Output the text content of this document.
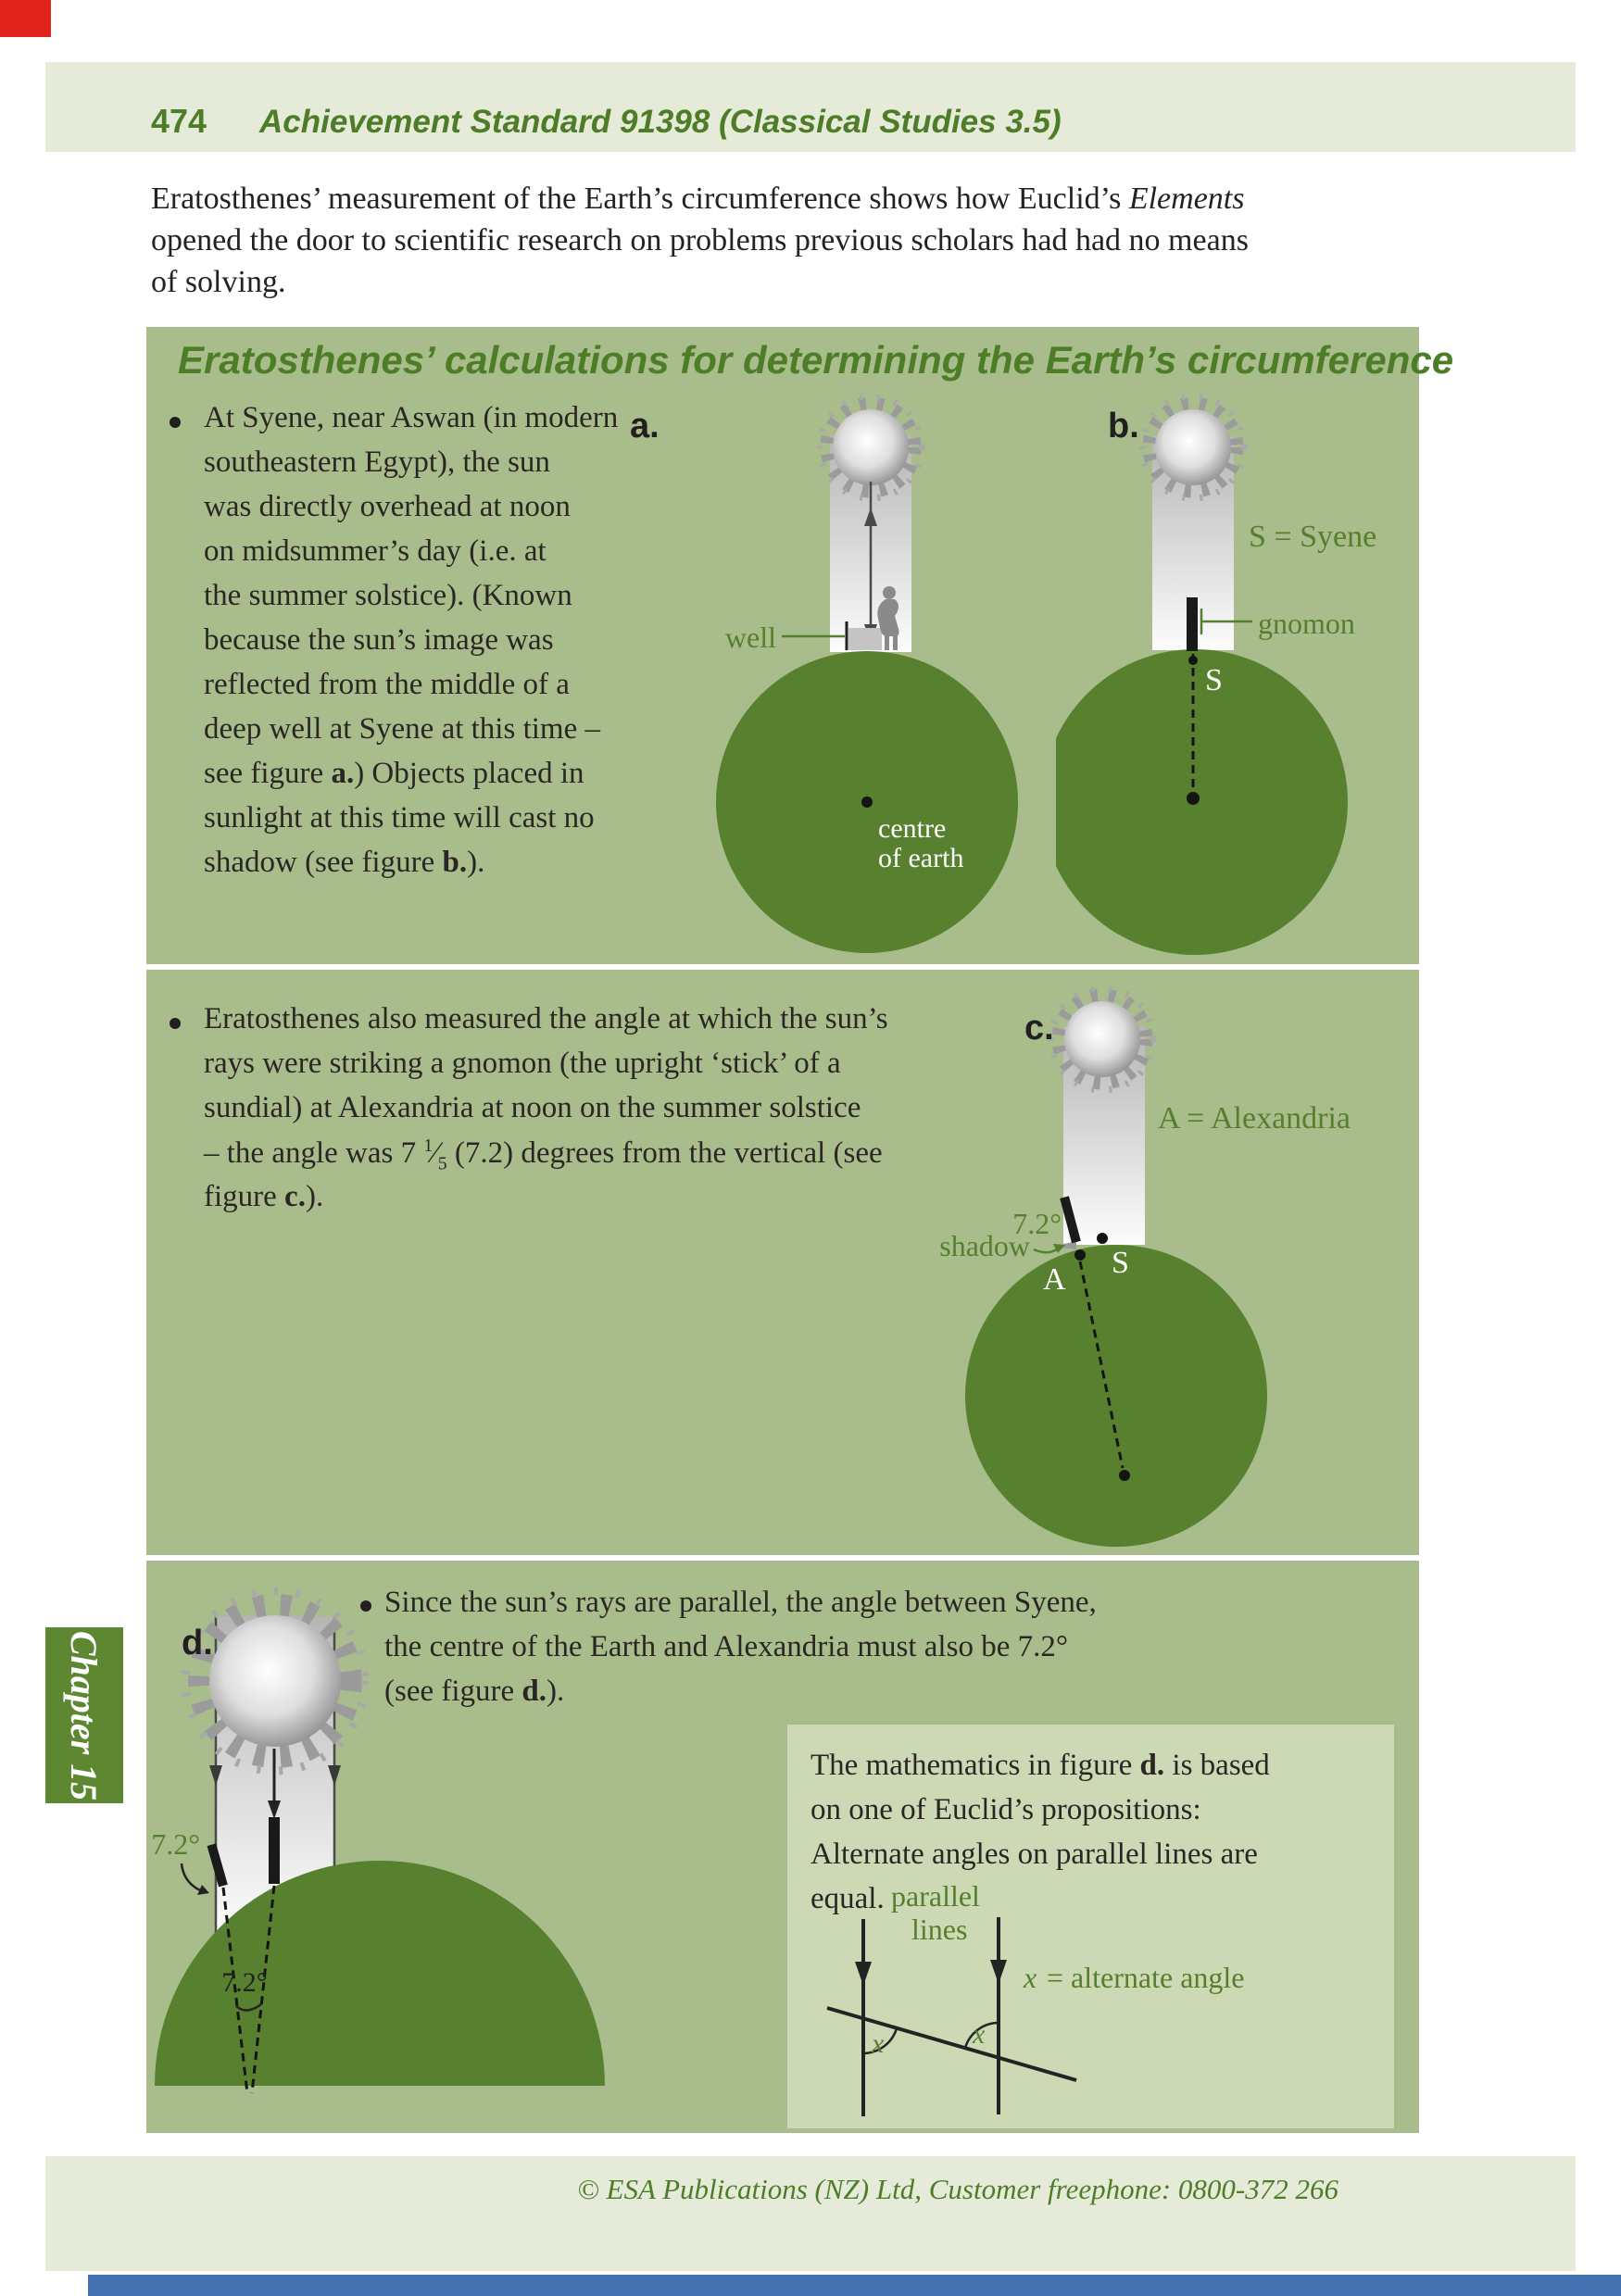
474 Achievement Standard 91398 (Classical Studies 3.5)
Eratosthenes’ measurement of the Earth’s circumference shows how Euclid’s Elements
opened the door to scientific research on problems previous scholars had had no means
of solving.
Eratosthenes’ calculations for determining the Earth’s circumference
At Syene, near Aswan (in modern
southeastern Egypt), the sun
was directly overhead at noon
on midsummer’s day (i.e. at
the summer solstice). (Known
because the sun’s image was
reflected from the middle of a
deep well at Syene at this time –
see figure a.) Objects placed in
sunlight at this time will cast no
shadow (see figure b.).
a.
well
centre
of earth
b.
S = Syene
gnomon
S
Eratosthenes also measured the angle at which the sun’s
rays were striking a gnomon (the upright ‘stick’ of a
sundial) at Alexandria at noon on the summer solstice
– the angle was 7 $^1⁄_5$ (7.2) degrees from the vertical (see
figure c.).
c.
A = Alexandria
7.2°
shadow	S
A
d.
7.2°
7.2°
Since the sun’s rays are parallel, the angle between Syene,
the centre of the Earth and Alexandria must also be 7.2°
(see figure d.).
The mathematics in figure d. is based
on one of Euclid’s propositions:
Alternate angles on parallel lines are
equal. parallel
lines
x	x
x = alternate angle
Chapter 15
© ESA Publications (NZ) Ltd, Customer freephone: 0800-372 266
